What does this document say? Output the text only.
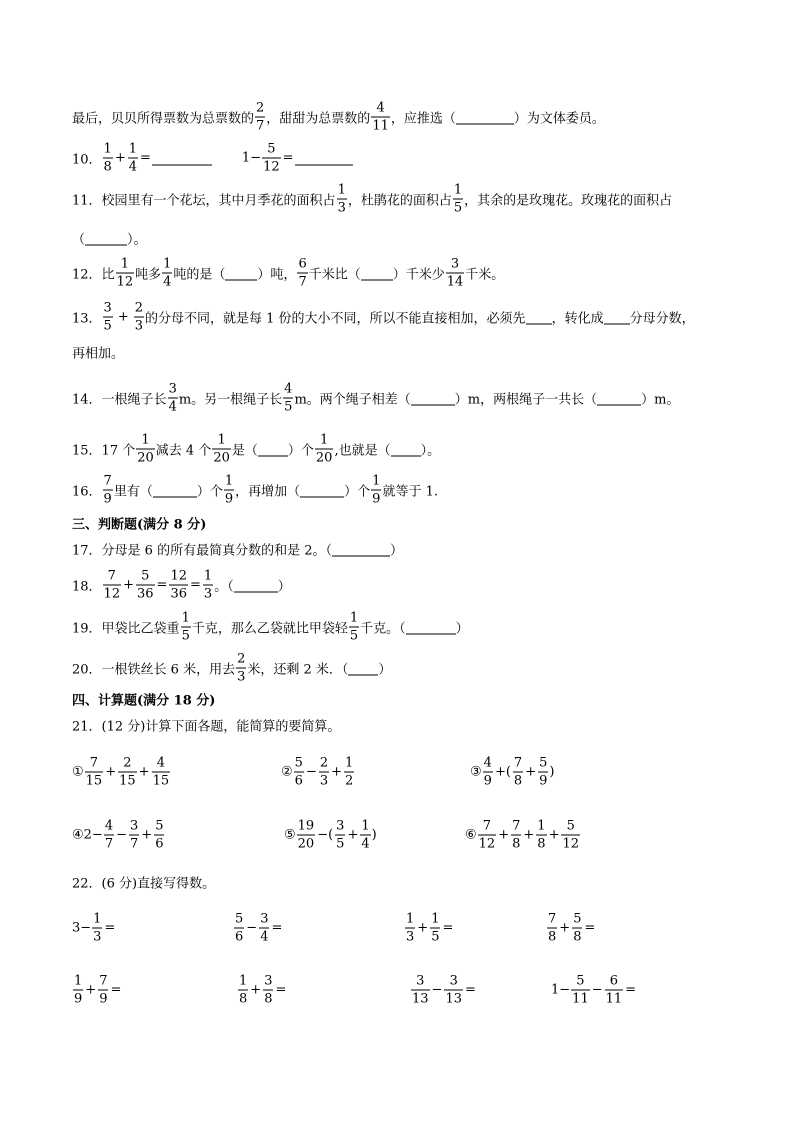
最后，贝贝所得票数为总票数的 $\frac{2}{7}$ ，甜甜为总票数的 $\frac{4}{11}$ ，应推选（	）为文体委员。
10． $\frac{1}{8} + \frac{1}{4}$ =	$1- \frac{5}{12}$ =
11． 校园里有一个花坛，其中月季花的面积占 $\frac{1}{3}$ ，杜鹃花的面积占 $\frac{1}{5}$ ，其余的是玫瑰花。玫瑰花的面积占
（	）。
12． 比 $\frac{1}{12}$ 吨多 $\frac{1}{4}$ 吨的是（ ）吨， $\frac{6}{7}$ 千米比（ ）千米少 $\frac{3}{14}$ 千米。
13． $\frac{3}{5} + \frac{2}{3}$ 的分母不同，就是每 1 份的大小不同，所以不能直接相加，必须先 ，转化成 分母分数，
再相加。
14． 一根绳子长 $\frac{3}{4}$ m。另一根绳子长 $\frac{4}{5}$ m。两个绳子相差（	）m，两根绳子一共长（	）m。
15． 17 个 $\frac{1}{20}$ 减去 4 个 $\frac{1}{20}$ 是（ ）个 $\frac{1}{20}$ ,也就是（ ）。
16． $\frac{7}{9}$ 里有（	）个 $\frac{1}{9}$ ，再增加（	）个 $\frac{1}{9}$ 就等于 1.
三、判断题(满分 8 分)
17． 分母是 6 的所有最简真分数的和是 2。（	）
18． $\frac{7}{12} + \frac{5}{36} = \frac{12}{36} = \frac{1}{3}$ 。（	）
19． 甲袋比乙袋重 $\frac{1}{5}$ 千克，那么乙袋就比甲袋轻 $\frac{1}{5}$ 千克。（	）
20． 一根铁丝长 6 米，用去 $\frac{2}{3}$ 米，还剩 2 米．（ ）
四、计算题(满分 18 分)
21． (12 分)计算下面各题，能简算的要简算。
① $\frac{7}{15} + \frac{2}{15} + \frac{4}{15}$	② $\frac{5}{6} - \frac{2}{3} + \frac{1}{2}$	③ $\frac{4}{9}$ +( $\frac{7}{8} + \frac{5}{9}$ )
④ $2- \frac{4}{7} - \frac{3}{7} + \frac{5}{6}$	⑤ $\frac{19}{20}$ −( $\frac{3}{5} + \frac{1}{4}$ )	⑥ $\frac{7}{12} + \frac{7}{8} + \frac{1}{8} + \frac{5}{12}$
22． (6 分)直接写得数。
$3- \frac{1}{3}$ =	$\frac{5}{6} - \frac{3}{4}$ =	$\frac{1}{3} + \frac{1}{5}$ =	$\frac{7}{8} + \frac{5}{8}$ =
$\frac{1}{9} + \frac{7}{9}$ =	$\frac{1}{8} + \frac{3}{8}$ =	$\frac{3}{13} - \frac{3}{13}$ =	$1- \frac{5}{11} - \frac{6}{11}$ =
